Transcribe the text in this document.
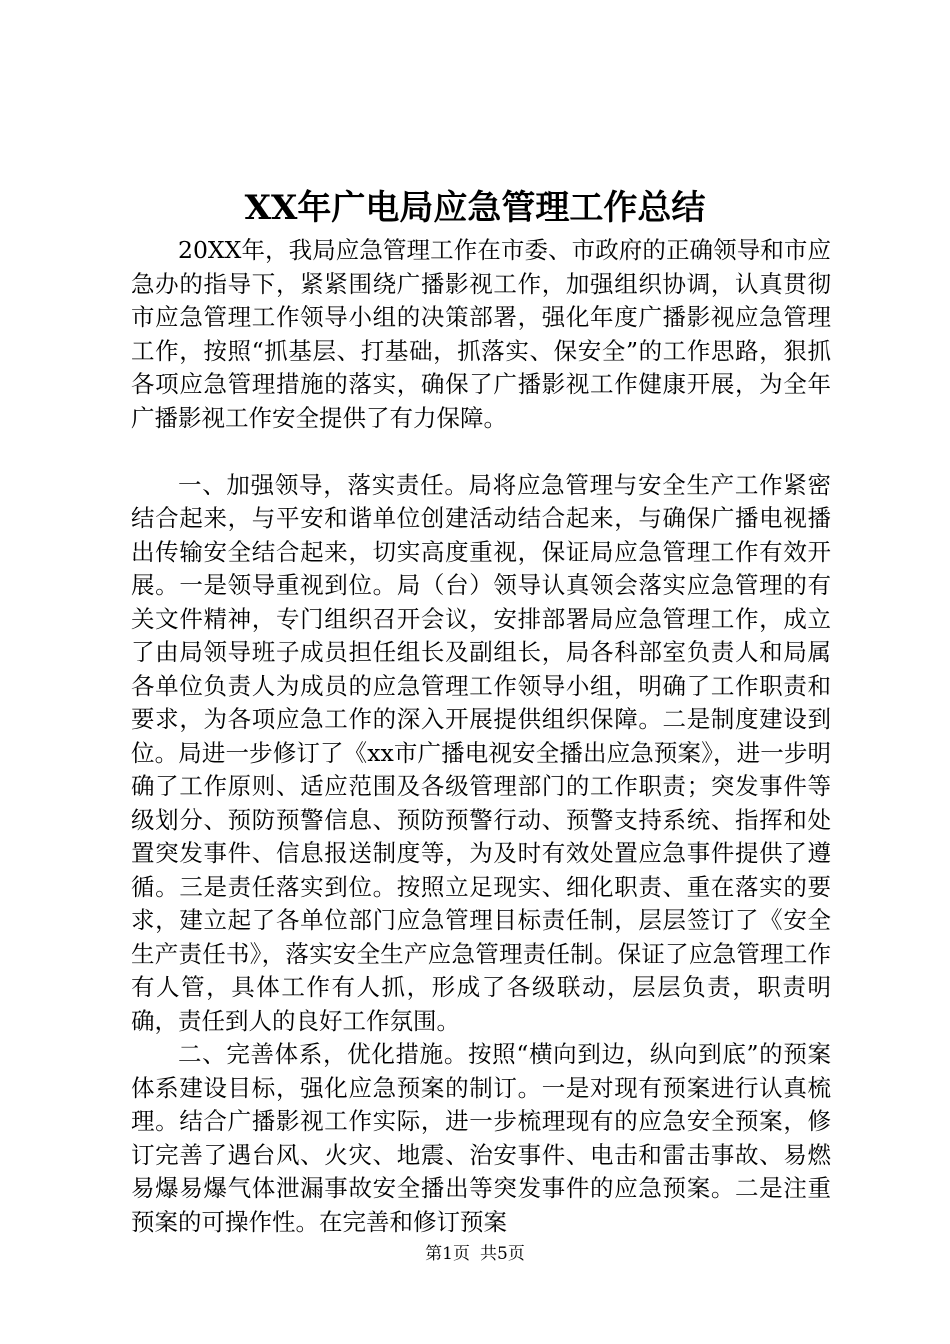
XX年广电局应急管理工作总结

20XX年，我局应急管理工作在市委、市政府的正确领导和市应急办的指导下，紧紧围绕广播影视工作，加强组织协调，认真贯彻市应急管理工作领导小组的决策部署，强化年度广播影视应急管理工作，按照“抓基层、打基础，抓落实、保安全”的工作思路，狠抓各项应急管理措施的落实，确保了广播影视工作健康开展，为全年广播影视工作安全提供了有力保障。

一、加强领导，落实责任。局将应急管理与安全生产工作紧密结合起来，与平安和谐单位创建活动结合起来，与确保广播电视播出传输安全结合起来，切实高度重视，保证局应急管理工作有效开展。一是领导重视到位。局（台）领导认真领会落实应急管理的有关文件精神，专门组织召开会议，安排部署局应急管理工作，成立了由局领导班子成员担任组长及副组长，局各科部室负责人和局属各单位负责人为成员的应急管理工作领导小组，明确了工作职责和要求，为各项应急工作的深入开展提供组织保障。二是制度建设到位。局进一步修订了《xx市广播电视安全播出应急预案》，进一步明确了工作原则、适应范围及各级管理部门的工作职责；突发事件等级划分、预防预警信息、预防预警行动、预警支持系统、指挥和处置突发事件、信息报送制度等，为及时有效处置应急事件提供了遵循。三是责任落实到位。按照立足现实、细化职责、重在落实的要求，建立起了各单位部门应急管理目标责任制，层层签订了《安全生产责任书》，落实安全生产应急管理责任制。保证了应急管理工作有人管，具体工作有人抓，形成了各级联动，层层负责，职责明确，责任到人的良好工作氛围。

二、完善体系，优化措施。按照“横向到边，纵向到底”的预案体系建设目标，强化应急预案的制订。一是对现有预案进行认真梳理。结合广播影视工作实际，进一步梳理现有的应急安全预案，修订完善了遇台风、火灾、地震、治安事件、电击和雷击事故、易燃易爆易爆气体泄漏事故安全播出等突发事件的应急预案。二是注重预案的可操作性。在完善和修订预案

第1页 共5页
